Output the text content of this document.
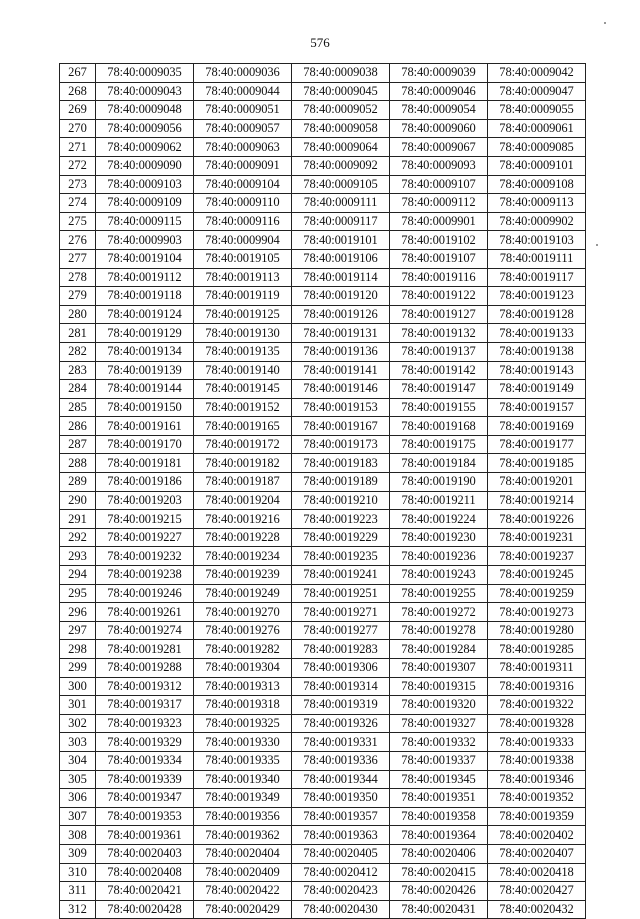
576
267	78:40:0009035	78:40:0009036	78:40:0009038	78:40:0009039	78:40:0009042
268	78:40:0009043	78:40:0009044	78:40:0009045	78:40:0009046	78:40:0009047
269	78:40:0009048	78:40:0009051	78:40:0009052	78:40:0009054	78:40:0009055
270	78:40:0009056	78:40:0009057	78:40:0009058	78:40:0009060	78:40:0009061
271	78:40:0009062	78:40:0009063	78:40:0009064	78:40:0009067	78:40:0009085
272	78:40:0009090	78:40:0009091	78:40:0009092	78:40:0009093	78:40:0009101
273	78:40:0009103	78:40:0009104	78:40:0009105	78:40:0009107	78:40:0009108
274	78:40:0009109	78:40:0009110	78:40:0009111	78:40:0009112	78:40:0009113
275	78:40:0009115	78:40:0009116	78:40:0009117	78:40:0009901	78:40:0009902
276	78:40:0009903	78:40:0009904	78:40:0019101	78:40:0019102	78:40:0019103
277	78:40:0019104	78:40:0019105	78:40:0019106	78:40:0019107	78:40:0019111
278	78:40:0019112	78:40:0019113	78:40:0019114	78:40:0019116	78:40:0019117
279	78:40:0019118	78:40:0019119	78:40:0019120	78:40:0019122	78:40:0019123
280	78:40:0019124	78:40:0019125	78:40:0019126	78:40:0019127	78:40:0019128
281	78:40:0019129	78:40:0019130	78:40:0019131	78:40:0019132	78:40:0019133
282	78:40:0019134	78:40:0019135	78:40:0019136	78:40:0019137	78:40:0019138
283	78:40:0019139	78:40:0019140	78:40:0019141	78:40:0019142	78:40:0019143
284	78:40:0019144	78:40:0019145	78:40:0019146	78:40:0019147	78:40:0019149
285	78:40:0019150	78:40:0019152	78:40:0019153	78:40:0019155	78:40:0019157
286	78:40:0019161	78:40:0019165	78:40:0019167	78:40:0019168	78:40:0019169
287	78:40:0019170	78:40:0019172	78:40:0019173	78:40:0019175	78:40:0019177
288	78:40:0019181	78:40:0019182	78:40:0019183	78:40:0019184	78:40:0019185
289	78:40:0019186	78:40:0019187	78:40:0019189	78:40:0019190	78:40:0019201
290	78:40:0019203	78:40:0019204	78:40:0019210	78:40:0019211	78:40:0019214
291	78:40:0019215	78:40:0019216	78:40:0019223	78:40:0019224	78:40:0019226
292	78:40:0019227	78:40:0019228	78:40:0019229	78:40:0019230	78:40:0019231
293	78:40:0019232	78:40:0019234	78:40:0019235	78:40:0019236	78:40:0019237
294	78:40:0019238	78:40:0019239	78:40:0019241	78:40:0019243	78:40:0019245
295	78:40:0019246	78:40:0019249	78:40:0019251	78:40:0019255	78:40:0019259
296	78:40:0019261	78:40:0019270	78:40:0019271	78:40:0019272	78:40:0019273
297	78:40:0019274	78:40:0019276	78:40:0019277	78:40:0019278	78:40:0019280
298	78:40:0019281	78:40:0019282	78:40:0019283	78:40:0019284	78:40:0019285
299	78:40:0019288	78:40:0019304	78:40:0019306	78:40:0019307	78:40:0019311
300	78:40:0019312	78:40:0019313	78:40:0019314	78:40:0019315	78:40:0019316
301	78:40:0019317	78:40:0019318	78:40:0019319	78:40:0019320	78:40:0019322
302	78:40:0019323	78:40:0019325	78:40:0019326	78:40:0019327	78:40:0019328
303	78:40:0019329	78:40:0019330	78:40:0019331	78:40:0019332	78:40:0019333
304	78:40:0019334	78:40:0019335	78:40:0019336	78:40:0019337	78:40:0019338
305	78:40:0019339	78:40:0019340	78:40:0019344	78:40:0019345	78:40:0019346
306	78:40:0019347	78:40:0019349	78:40:0019350	78:40:0019351	78:40:0019352
307	78:40:0019353	78:40:0019356	78:40:0019357	78:40:0019358	78:40:0019359
308	78:40:0019361	78:40:0019362	78:40:0019363	78:40:0019364	78:40:0020402
309	78:40:0020403	78:40:0020404	78:40:0020405	78:40:0020406	78:40:0020407
310	78:40:0020408	78:40:0020409	78:40:0020412	78:40:0020415	78:40:0020418
311	78:40:0020421	78:40:0020422	78:40:0020423	78:40:0020426	78:40:0020427
312	78:40:0020428	78:40:0020429	78:40:0020430	78:40:0020431	78:40:0020432
